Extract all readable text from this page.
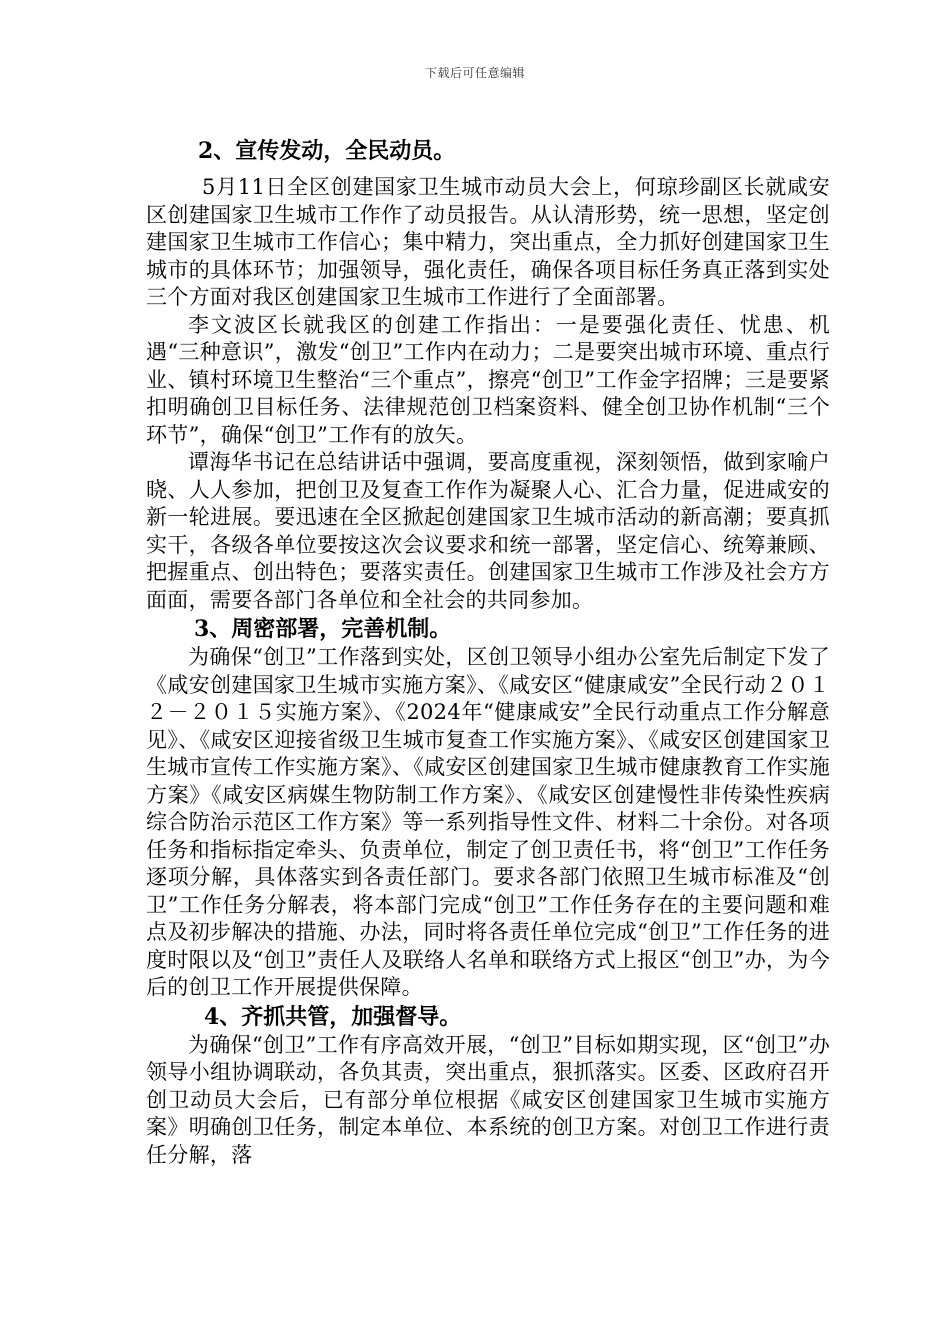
下载后可任意编辑
2、宣传发动，全民动员。

5月11日全区创建国家卫生城市动员大会上，何琼珍副区长就咸安区创建国家卫生城市工作作了动员报告。从认清形势，统一思想，坚定创建国家卫生城市工作信心；集中精力，突出重点，全力抓好创建国家卫生城市的具体环节；加强领导，强化责任，确保各项目标任务真正落到实处三个方面对我区创建国家卫生城市工作进行了全面部署。

李文波区长就我区的创建工作指出：一是要强化责任、忧患、机遇“三种意识”，激发“创卫”工作内在动力；二是要突出城市环境、重点行业、镇村环境卫生整治“三个重点”，擦亮“创卫”工作金字招牌；三是要紧扣明确创卫目标任务、法律规范创卫档案资料、健全创卫协作机制“三个环节”，确保“创卫”工作有的放矢。

谭海华书记在总结讲话中强调，要高度重视，深刻领悟，做到家喻户晓、人人参加，把创卫及复查工作作为凝聚人心、汇合力量，促进咸安的新一轮进展。要迅速在全区掀起创建国家卫生城市活动的新高潮；要真抓实干，各级各单位要按这次会议要求和统一部署，坚定信心、统筹兼顾、把握重点、创出特色；要落实责任。创建国家卫生城市工作涉及社会方方面面，需要各部门各单位和全社会的共同参加。

3、周密部署，完善机制。

为确保“创卫”工作落到实处，区创卫领导小组办公室先后制定下发了《咸安创建国家卫生城市实施方案》、《咸安区“健康咸安”全民行动２０１２－２０１５实施方案》、《2024年“健康咸安”全民行动重点工作分解意见》、《咸安区迎接省级卫生城市复查工作实施方案》、《咸安区创建国家卫生城市宣传工作实施方案》、《咸安区创建国家卫生城市健康教育工作实施方案》《咸安区病媒生物防制工作方案》、《咸安区创建慢性非传染性疾病综合防治示范区工作方案》等一系列指导性文件、材料二十余份。对各项任务和指标指定牵头、负责单位，制定了创卫责任书，将“创卫”工作任务逐项分解，具体落实到各责任部门。要求各部门依照卫生城市标准及“创卫”工作任务分解表，将本部门完成“创卫”工作任务存在的主要问题和难点及初步解决的措施、办法，同时将各责任单位完成“创卫”工作任务的进度时限以及“创卫”责任人及联络人名单和联络方式上报区“创卫”办，为今后的创卫工作开展提供保障。

4、齐抓共管，加强督导。

为确保“创卫”工作有序高效开展，“创卫”目标如期实现，区“创卫”办领导小组协调联动，各负其责，突出重点，狠抓落实。区委、区政府召开创卫动员大会后，已有部分单位根据《咸安区创建国家卫生城市实施方案》明确创卫任务，制定本单位、本系统的创卫方案。对创卫工作进行责任分解，落
